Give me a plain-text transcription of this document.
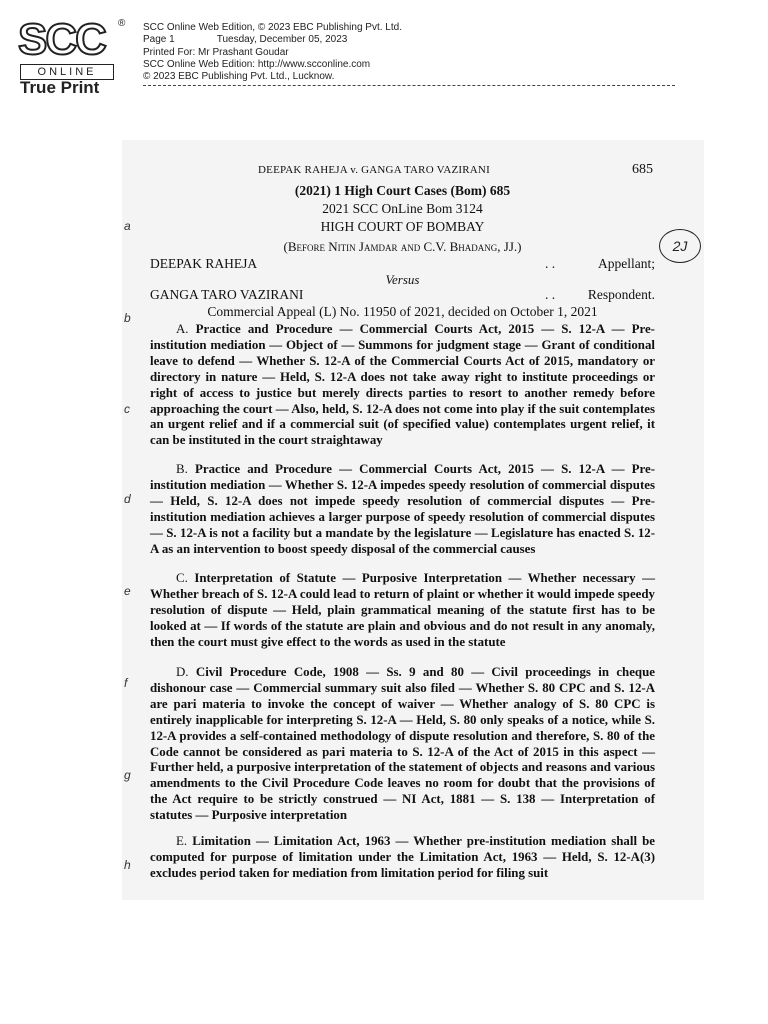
SCC ®
ONLINE
True Print
SCC Online Web Edition, © 2023 EBC Publishing Pvt. Ltd.
Page 1	Tuesday, December 05, 2023
Printed For: Mr Prashant Goudar
SCC Online Web Edition: http://www.scconline.com
© 2023 EBC Publishing Pvt. Ltd., Lucknow.
a
b
c
d
e
f
g
h
DEEPAK RAHEJA v. GANGA TARO VAZIRANI	685
(2021) 1 High Court Cases (Bom) 685
2021 SCC OnLine Bom 3124
HIGH COURT OF BOMBAY
(Before Nitin Jamdar and C.V. Bhadang, JJ.)	2J
DEEPAK RAHEJA	. .	Appellant;
Versus
GANGA TARO VAZIRANI	. . Respondent.
Commercial Appeal (L) No. 11950 of 2021, decided on October 1, 2021
A. Practice and Procedure — Commercial Courts Act, 2015 — S. 12-A — Pre-institution mediation — Object of — Summons for judgment stage — Grant of conditional leave to defend — Whether S. 12-A of the Commercial Courts Act of 2015, mandatory or directory in nature — Held, S. 12-A does not take away right to institute proceedings or right of access to justice but merely directs parties to resort to another remedy before approaching the court — Also, held, S. 12-A does not come into play if the suit contemplates an urgent relief and if a commercial suit (of specified value) contemplates urgent relief, it can be instituted in the court straightaway
B. Practice and Procedure — Commercial Courts Act, 2015 — S. 12-A — Pre-institution mediation — Whether S. 12-A impedes speedy resolution of commercial disputes — Held, S. 12-A does not impede speedy resolution of commercial disputes — Pre-institution mediation achieves a larger purpose of speedy resolution of commercial disputes — S. 12-A is not a facility but a mandate by the legislature — Legislature has enacted S. 12-A as an intervention to boost speedy disposal of the commercial causes
C. Interpretation of Statute — Purposive Interpretation — Whether necessary — Whether breach of S. 12-A could lead to return of plaint or whether it would impede speedy resolution of dispute — Held, plain grammatical meaning of the statute first has to be looked at — If words of the statute are plain and obvious and do not result in any anomaly, then the court must give effect to the words as used in the statute
D. Civil Procedure Code, 1908 — Ss. 9 and 80 — Civil proceedings in cheque dishonour case — Commercial summary suit also filed — Whether S. 80 CPC and S. 12-A are pari materia to invoke the concept of waiver — Whether analogy of S. 80 CPC is entirely inapplicable for interpreting S. 12-A — Held, S. 80 only speaks of a notice, while S. 12-A provides a self-contained methodology of dispute resolution and therefore, S. 80 of the Code cannot be considered as pari materia to S. 12-A of the Act of 2015 in this aspect — Further held, a purposive interpretation of the statement of objects and reasons and various amendments to the Civil Procedure Code leaves no room for doubt that the provisions of the Act require to be strictly construed — NI Act, 1881 — S. 138 — Interpretation of statutes — Purposive interpretation
E. Limitation — Limitation Act, 1963 — Whether pre-institution mediation shall be computed for purpose of limitation under the Limitation Act, 1963 — Held, S. 12-A(3) excludes period taken for mediation from limitation period for filing suit
